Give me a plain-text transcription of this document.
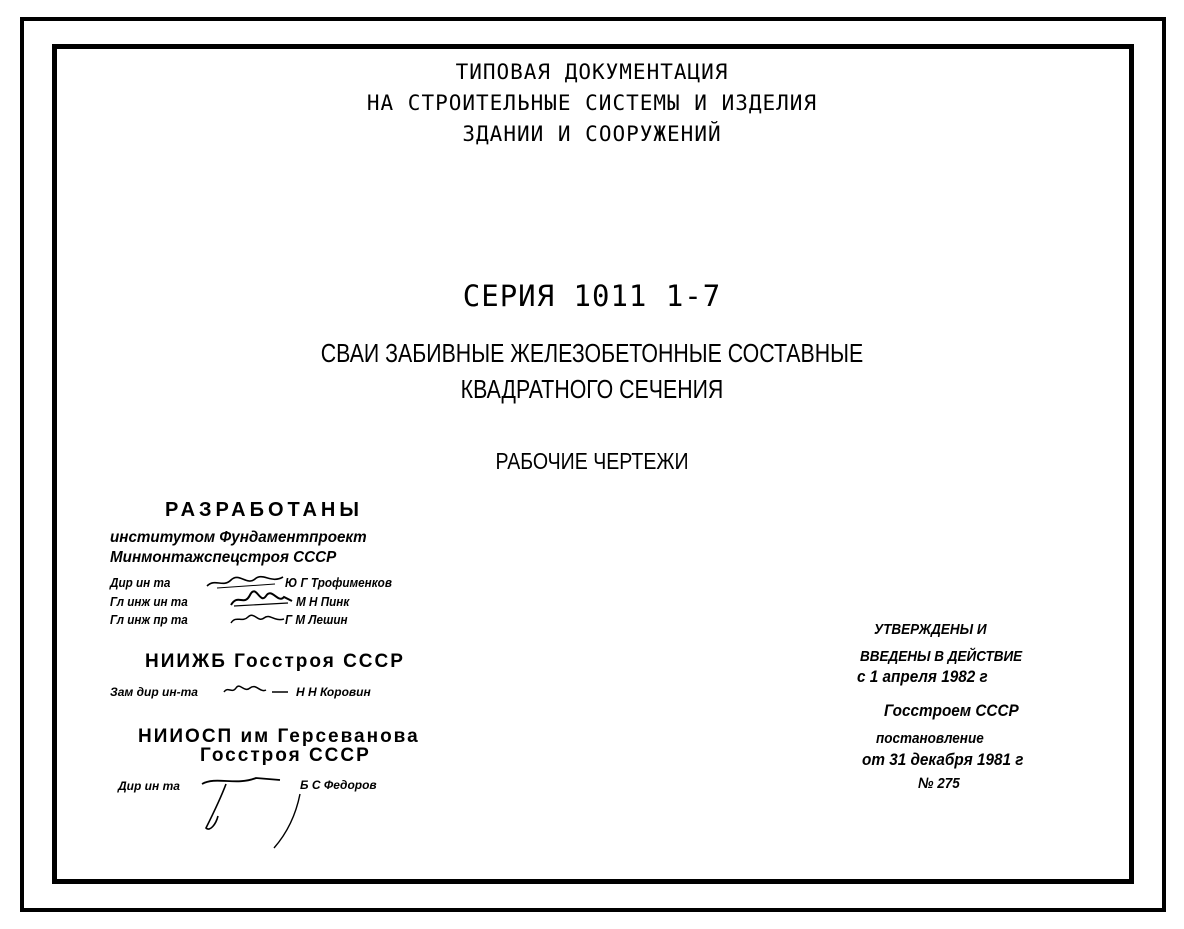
ТИПОВАЯ ДОКУМЕНТАЦИЯ
НА СТРОИТЕЛЬНЫЕ СИСТЕМЫ И ИЗДЕЛИЯ
ЗДАНИИ И СООРУЖЕНИЙ
СЕРИЯ 1011 1-7
СВАИ ЗАБИВНЫЕ ЖЕЛЕЗОБЕТОННЫЕ СОСТАВНЫЕ
КВАДРАТНОГО СЕЧЕНИЯ
РАБОЧИЕ ЧЕРТЕЖИ
РАЗРАБОТАНЫ
институтом Фундаментпроект
Минмонтажспецстроя СССР
Дир ин та	Ю Г Трофименков
Гл инж ин та	М Н Пинк
Гл инж пр та	Г М Лешин
НИИЖБ Госстроя СССР
Зам дир ин-та	Н Н Коровин
НИИОСП им Герсеванова
Госстроя СССР
Дир ин та	Б С Федоров
УТВЕРЖДЕНЫ И
ВВЕДЕНЫ В ДЕЙСТВИЕ
с 1 апреля 1982 г
Госстроем СССР
постановление
от 31 декабря 1981 г
№ 275
